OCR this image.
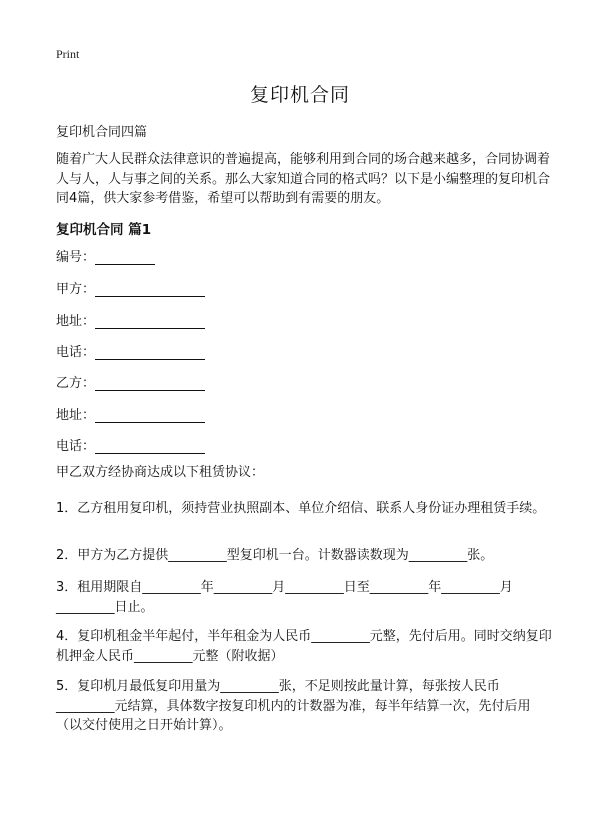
Print
复印机合同
复印机合同四篇

随着广大人民群众法律意识的普遍提高，能够利用到合同的场合越来越多，合同协调着人与人，人与事之间的关系。那么大家知道合同的格式吗？以下是小编整理的复印机合同4篇，供大家参考借鉴，希望可以帮助到有需要的朋友。

复印机合同 篇1
编号：
甲方：
地址：
电话：
乙方：
地址：
电话：

甲乙双方经协商达成以下租赁协议：

1．乙方租用复印机，须持营业执照副本、单位介绍信、联系人身份证办理租赁手续。

2．甲方为乙方提供_________型复印机一台。计数器读数现为_________张。

3．租用期限自_________年_________月_________日至_________年_________月_________日止。

4．复印机租金半年起付，半年租金为人民币_________元整，先付后用。同时交纳复印机押金人民币_________元整（附收据）

5．复印机月最低复印用量为_________张，不足则按此量计算，每张按人民币_________元结算，具体数字按复印机内的计数器为准，每半年结算一次，先付后用（以交付使用之日开始计算）。
